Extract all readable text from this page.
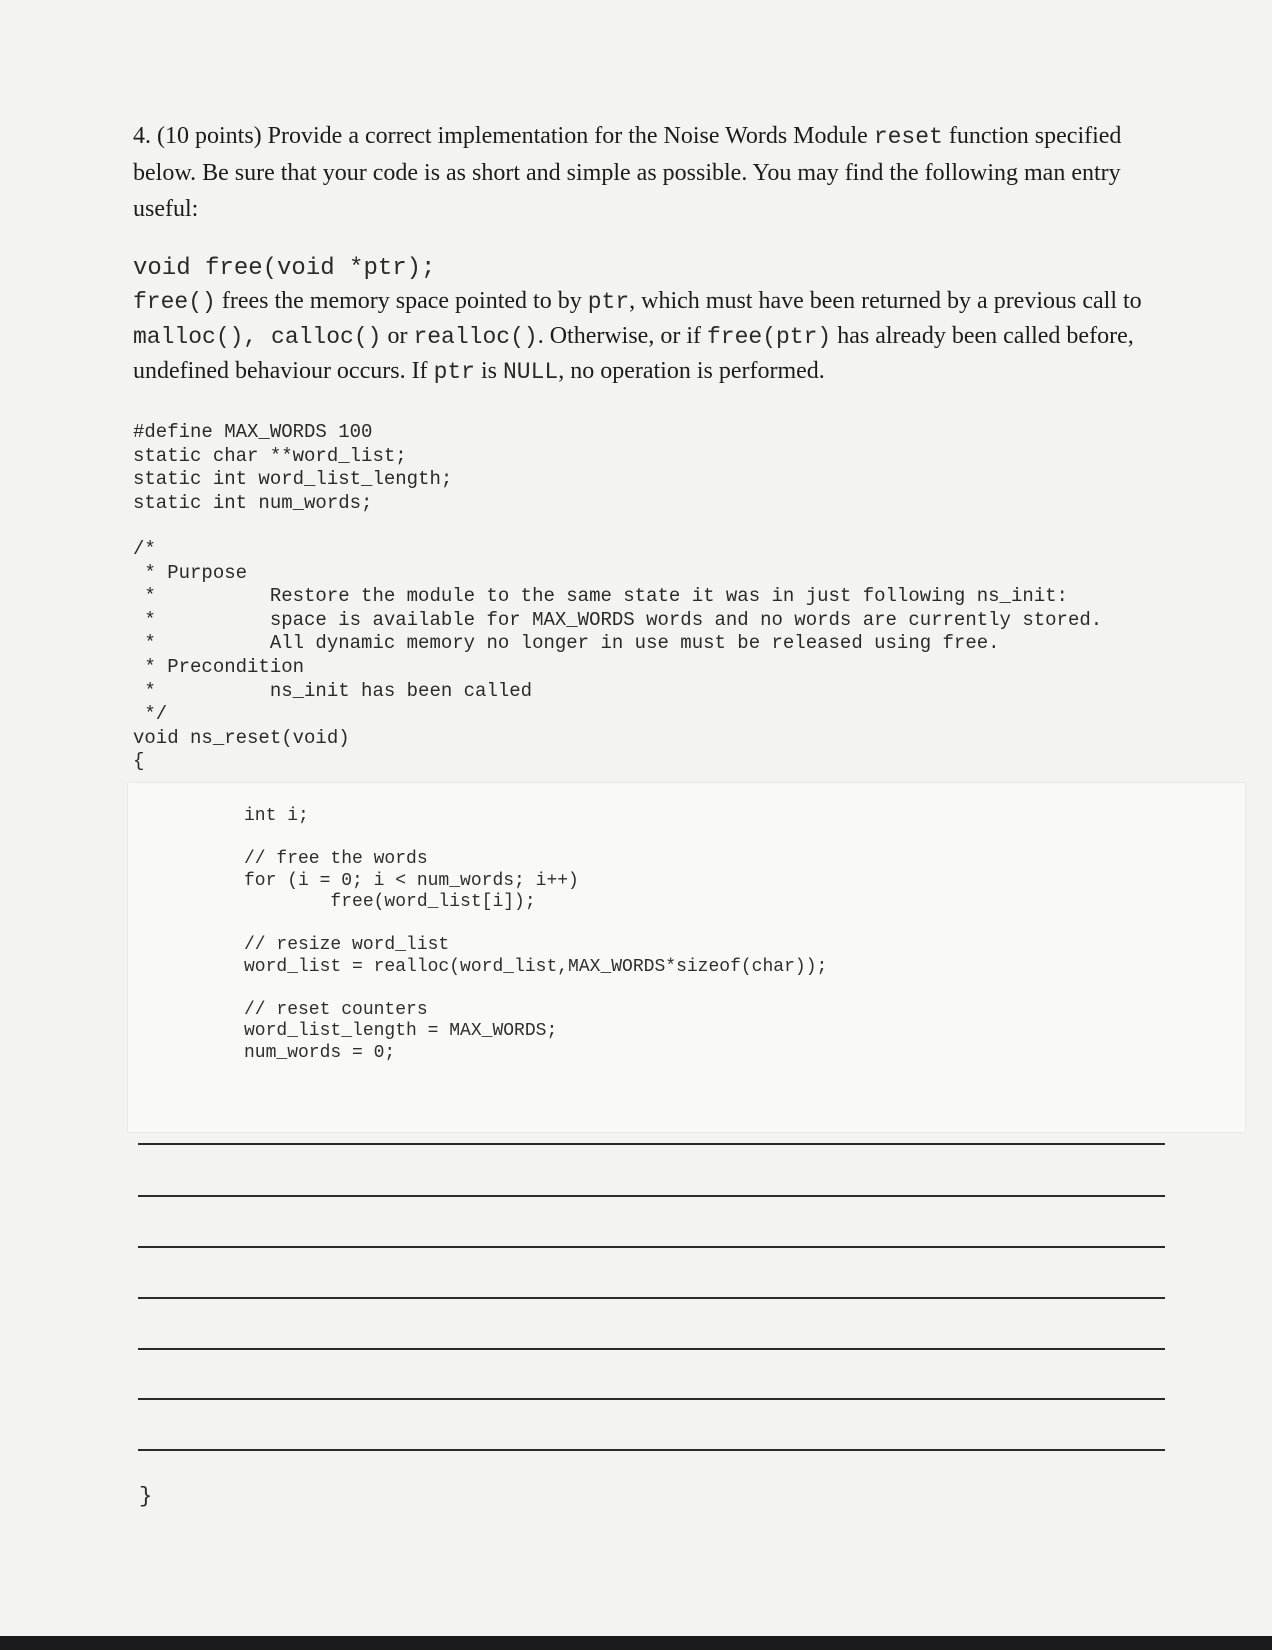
4. (10 points) Provide a correct implementation for the Noise Words Module reset function specified below. Be sure that your code is as short and simple as possible. You may find the following man entry useful:
void free(void *ptr);
free() frees the memory space pointed to by ptr, which must have been returned by a previous call to malloc(), calloc() or realloc(). Otherwise, or if free(ptr) has already been called before, undefined behaviour occurs. If ptr is NULL, no operation is performed.
#define MAX_WORDS 100
static char **word_list;
static int word_list_length;
static int num_words;
/*
* Purpose
*          Restore the module to the same state it was in just following ns_init:
*          space is available for MAX_WORDS words and no words are currently stored.
*          All dynamic memory no longer in use must be released using free.
* Precondition
*          ns_init has been called
*/
void ns_reset(void)
{
int i;

// free the words
for (i = 0; i < num_words; i++)
free(word_list[i]);

// resize word_list
word_list = realloc(word_list,MAX_WORDS*sizeof(char));

// reset counters
word_list_length = MAX_WORDS;
num_words = 0;
}
